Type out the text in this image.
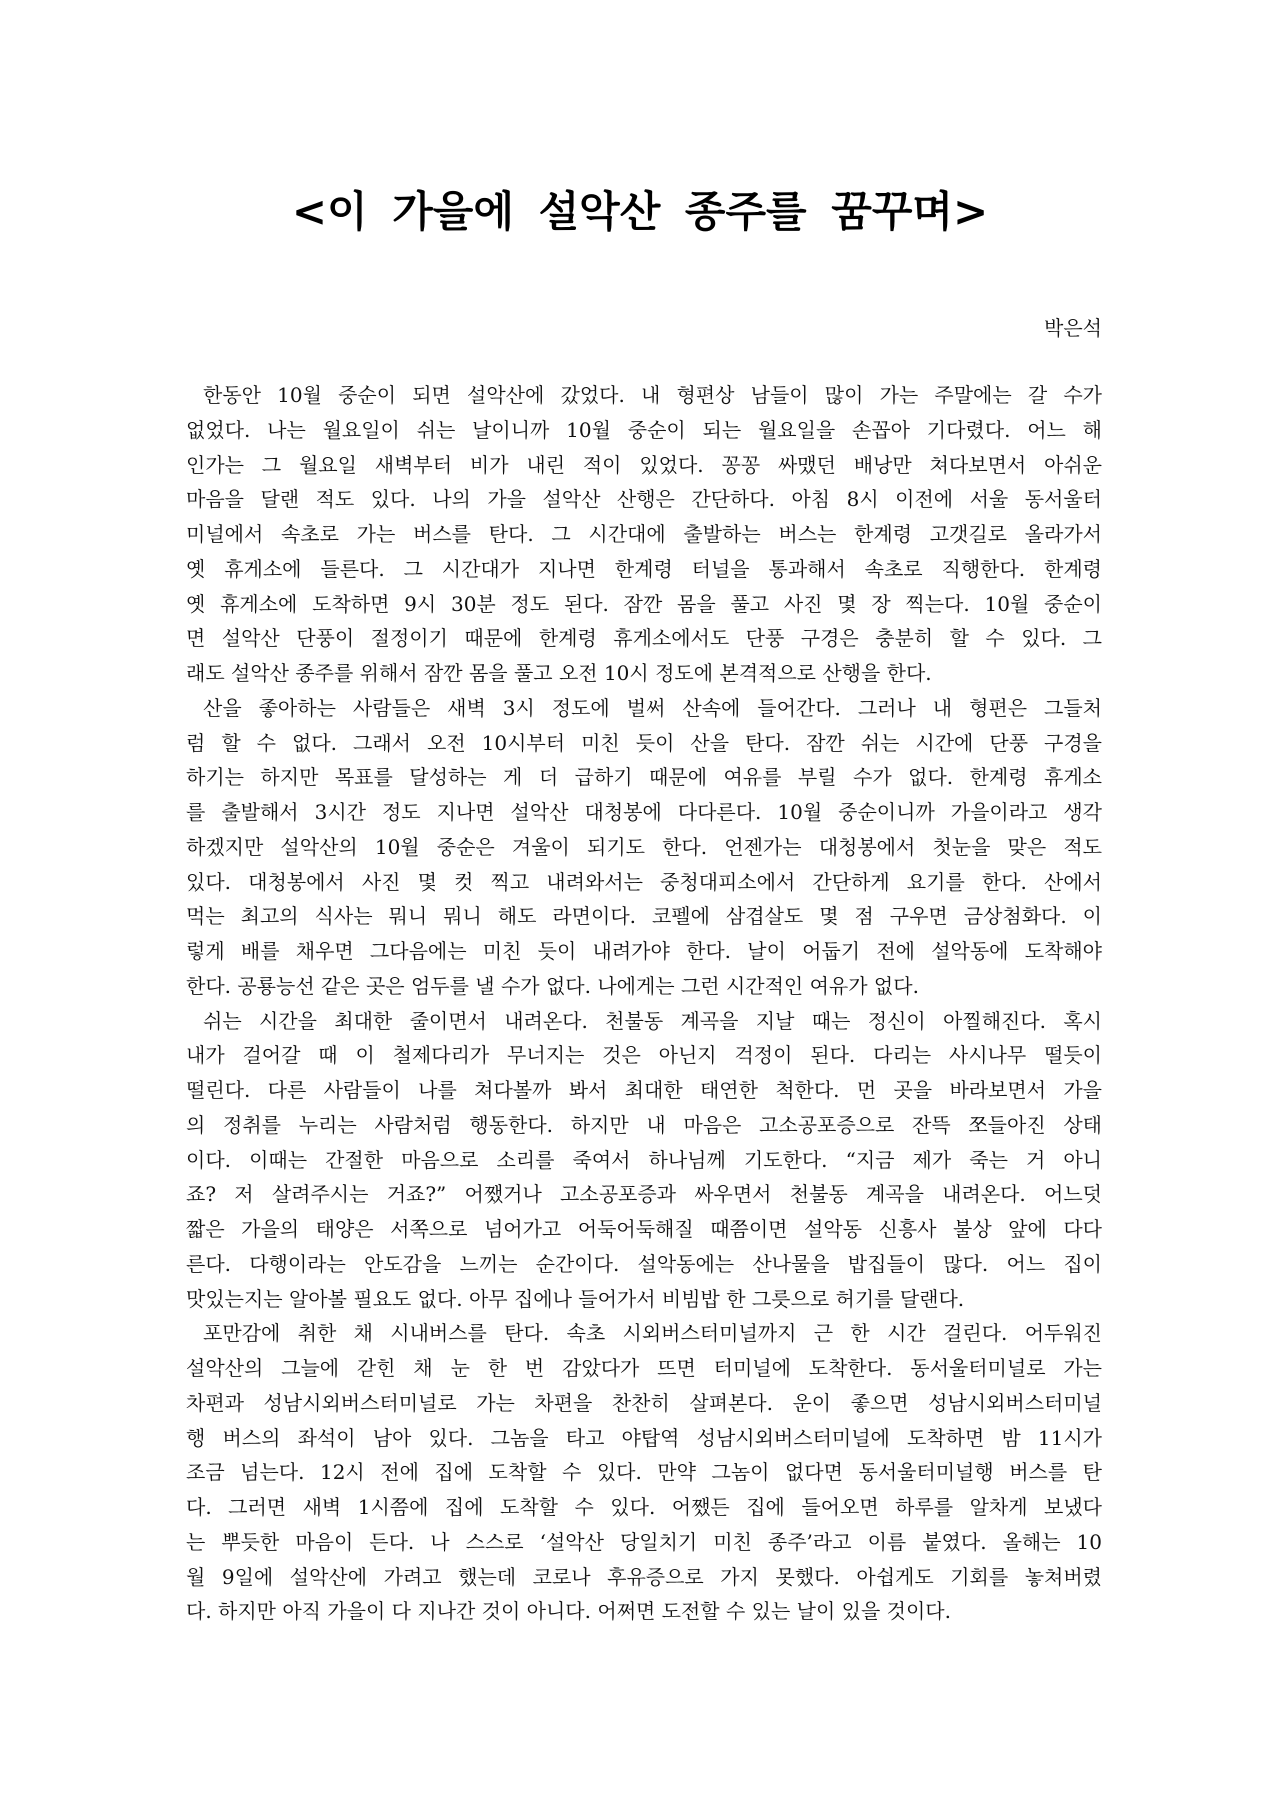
<이 가을에 설악산 종주를 꿈꾸며>
박은석
한동안 10월 중순이 되면 설악산에 갔었다. 내 형편상 남들이 많이 가는 주말에는 갈 수가
없었다. 나는 월요일이 쉬는 날이니까 10월 중순이 되는 월요일을 손꼽아 기다렸다. 어느 해
인가는 그 월요일 새벽부터 비가 내린 적이 있었다. 꽁꽁 싸맸던 배낭만 쳐다보면서 아쉬운
마음을 달랜 적도 있다. 나의 가을 설악산 산행은 간단하다. 아침 8시 이전에 서울 동서울터
미널에서 속초로 가는 버스를 탄다. 그 시간대에 출발하는 버스는 한계령 고갯길로 올라가서
옛 휴게소에 들른다. 그 시간대가 지나면 한계령 터널을 통과해서 속초로 직행한다. 한계령
옛 휴게소에 도착하면 9시 30분 정도 된다. 잠깐 몸을 풀고 사진 몇 장 찍는다. 10월 중순이
면 설악산 단풍이 절정이기 때문에 한계령 휴게소에서도 단풍 구경은 충분히 할 수 있다. 그
래도 설악산 종주를 위해서 잠깐 몸을 풀고 오전 10시 정도에 본격적으로 산행을 한다.
산을 좋아하는 사람들은 새벽 3시 정도에 벌써 산속에 들어간다. 그러나 내 형편은 그들처
럼 할 수 없다. 그래서 오전 10시부터 미친 듯이 산을 탄다. 잠깐 쉬는 시간에 단풍 구경을
하기는 하지만 목표를 달성하는 게 더 급하기 때문에 여유를 부릴 수가 없다. 한계령 휴게소
를 출발해서 3시간 정도 지나면 설악산 대청봉에 다다른다. 10월 중순이니까 가을이라고 생각
하겠지만 설악산의 10월 중순은 겨울이 되기도 한다. 언젠가는 대청봉에서 첫눈을 맞은 적도
있다. 대청봉에서 사진 몇 컷 찍고 내려와서는 중청대피소에서 간단하게 요기를 한다. 산에서
먹는 최고의 식사는 뭐니 뭐니 해도 라면이다. 코펠에 삼겹살도 몇 점 구우면 금상첨화다. 이
렇게 배를 채우면 그다음에는 미친 듯이 내려가야 한다. 날이 어둡기 전에 설악동에 도착해야
한다. 공룡능선 같은 곳은 엄두를 낼 수가 없다. 나에게는 그런 시간적인 여유가 없다.
쉬는 시간을 최대한 줄이면서 내려온다. 천불동 계곡을 지날 때는 정신이 아찔해진다. 혹시
내가 걸어갈 때 이 철제다리가 무너지는 것은 아닌지 걱정이 된다. 다리는 사시나무 떨듯이
떨린다. 다른 사람들이 나를 쳐다볼까 봐서 최대한 태연한 척한다. 먼 곳을 바라보면서 가을
의 정취를 누리는 사람처럼 행동한다. 하지만 내 마음은 고소공포증으로 잔뜩 쪼들아진 상태
이다. 이때는 간절한 마음으로 소리를 죽여서 하나님께 기도한다. “지금 제가 죽는 거 아니
죠? 저 살려주시는 거죠?” 어쨌거나 고소공포증과 싸우면서 천불동 계곡을 내려온다. 어느덧
짧은 가을의 태양은 서쪽으로 넘어가고 어둑어둑해질 때쯤이면 설악동 신흥사 불상 앞에 다다
른다. 다행이라는 안도감을 느끼는 순간이다. 설악동에는 산나물을 밥집들이 많다. 어느 집이
맛있는지는 알아볼 필요도 없다. 아무 집에나 들어가서 비빔밥 한 그릇으로 허기를 달랜다.
포만감에 취한 채 시내버스를 탄다. 속초 시외버스터미널까지 근 한 시간 걸린다. 어두워진
설악산의 그늘에 갇힌 채 눈 한 번 감았다가 뜨면 터미널에 도착한다. 동서울터미널로 가는
차편과 성남시외버스터미널로 가는 차편을 찬찬히 살펴본다. 운이 좋으면 성남시외버스터미널
행 버스의 좌석이 남아 있다. 그놈을 타고 야탑역 성남시외버스터미널에 도착하면 밤 11시가
조금 넘는다. 12시 전에 집에 도착할 수 있다. 만약 그놈이 없다면 동서울터미널행 버스를 탄
다. 그러면 새벽 1시쯤에 집에 도착할 수 있다. 어쨌든 집에 들어오면 하루를 알차게 보냈다
는 뿌듯한 마음이 든다. 나 스스로 ‘설악산 당일치기 미친 종주’라고 이름 붙였다. 올해는 10
월 9일에 설악산에 가려고 했는데 코로나 후유증으로 가지 못했다. 아쉽게도 기회를 놓쳐버렸
다. 하지만 아직 가을이 다 지나간 것이 아니다. 어쩌면 도전할 수 있는 날이 있을 것이다.
